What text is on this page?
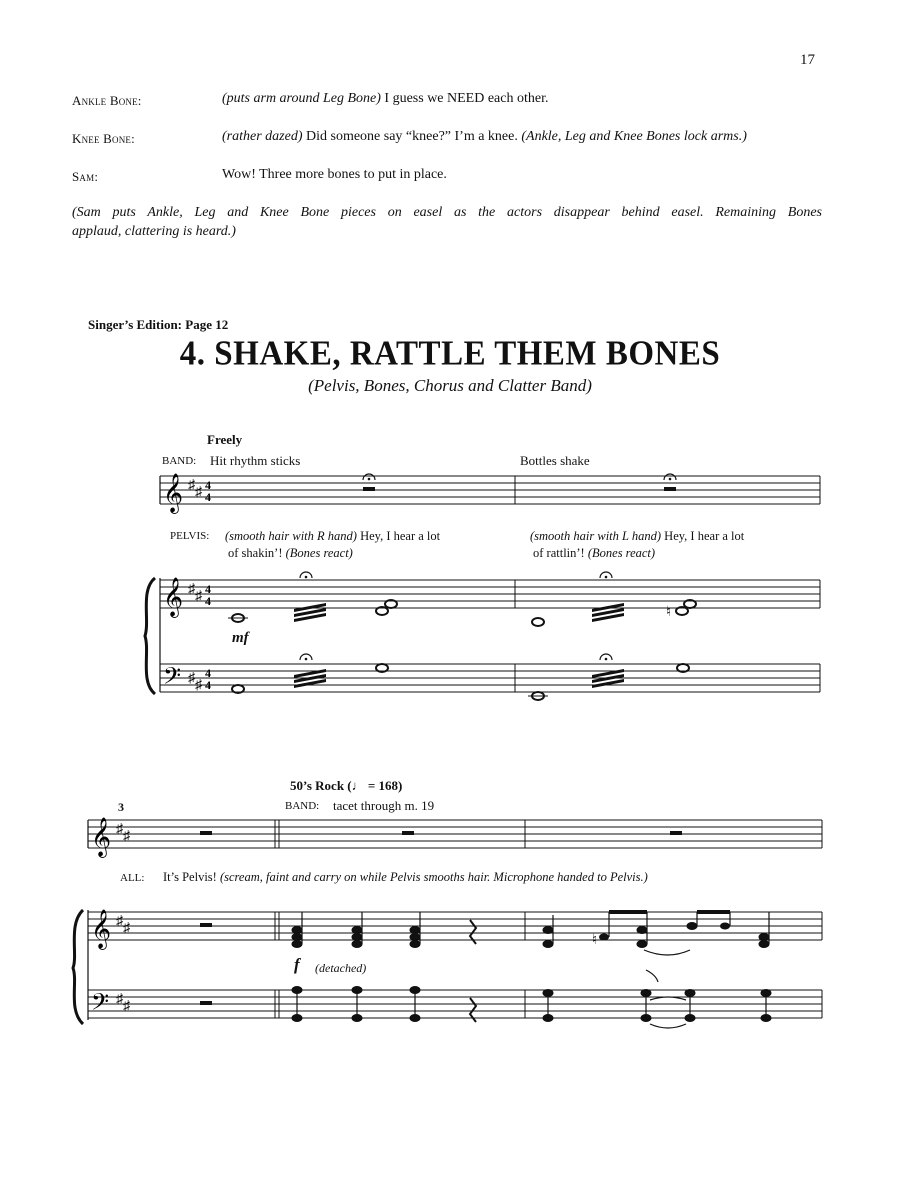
17
Ankle Bone:	(puts arm around Leg Bone) I guess we NEED each other.
Knee Bone:	(rather dazed) Did someone say “knee?” I’m a knee. (Ankle, Leg and Knee Bones lock arms.)
Sam:	Wow! Three more bones to put in place.
(Sam puts Ankle, Leg and Knee Bone pieces on easel as the actors disappear behind easel. Remaining Bones
applaud, clattering is heard.)
Singer’s Edition: Page 12
4. SHAKE, RATTLE THEM BONES
(Pelvis, Bones, Chorus and Clatter Band)
Freely
BAND: Hit rhythm sticks	Bottles shake
PELVIS: (smooth hair with R hand) Hey, I hear a lot
of shakin’! (Bones react)
(smooth hair with L hand) Hey, I hear a lot
of rattlin’! (Bones react)
mf
50’s Rock (♩ = 168)
3	BAND: tacet through m. 19
ALL: It’s Pelvis! (scream, faint and carry on while Pelvis smooths hair. Microphone handed to Pelvis.)
f (detached)
𝄞 ♯ ♯ 4
4
𝄞 ♯ ♯ 4
4
♮
𝄢 ♯ ♯
4
4
𝄞 ♯ ♯
𝄞 ♯ ♯
♮
𝄢 ♯ ♯
